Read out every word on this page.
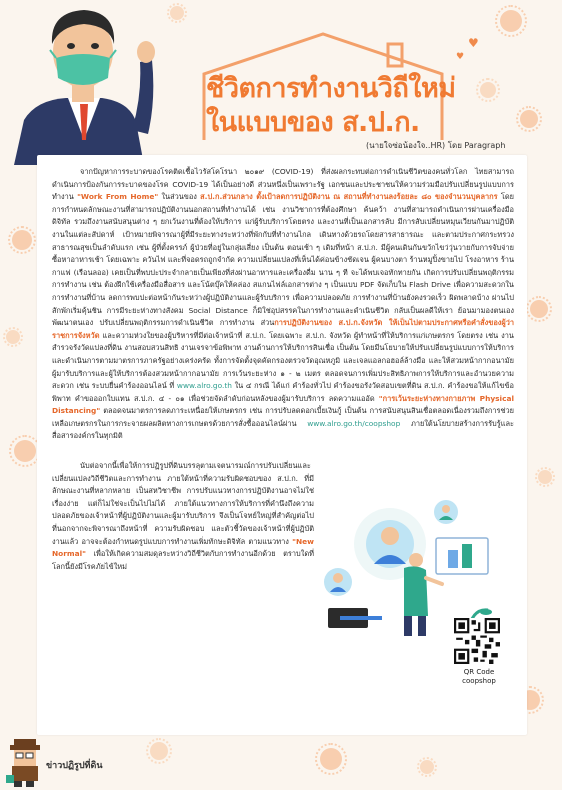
♥
♥
ชีวิตการทำงานวิถีใหม่
ในแบบของ ส.ป.ก.
(นายใจซ่อน้องใจ..HR) โดย Paragraph

จากปัญหาการระบาดของโรคติดเชื้อไวรัสโคโรนา ๒๐๑๙ (COVID-19) ที่ส่งผลกระทบต่อการดำเนินชีวิตของคนทั่วโลก ไทยสามารถดำเนินการป้องกันการระบาดของโรค COVID-19 ได้เป็นอย่างดี ส่วนหนึ่งเป็นเพราะรัฐ เอกชนและประชาชนให้ความร่วมมือปรับเปลี่ยนรูปแบบการทำงาน "Work From Home" ในส่วนของ ส.ป.ก.ส่วนกลาง ตั้งเป้าลดการปฏิบัติงาน ณ สถานที่ทำงานลงร้อยละ ๘๐ ของจำนวนบุคลากร โดยการกำหนดลักษณะงานที่สามารถปฏิบัติงานนอกสถานที่ทำงานได้ เช่น งานวิชาการที่ต้องศึกษา ค้นคว้า งานที่สามารถดำเนินการผ่านเครื่องมือดิจิทัล รวมถึงงานสนับสนุนต่าง ๆ ยกเว้นงานที่ต้องให้บริการ แก่ผู้รับบริการโดยตรง และงานที่เป็นเอกสารลับ มีการสับเปลี่ยนหมุนเวียนกันมาปฏิบัติงานในแต่ละสัปดาห์ เป้าหมายพิจารณาผู้ที่มีระยะทางระหว่างที่พักกับที่ทำงานไกล เดินทางด้วยรถโดยสารสาธารณะ และตามประกาศกระทรวงสาธารณสุขเป็นลำดับแรก เช่น ผู้ที่ตั้งครรภ์ ผู้ป่วยที่อยู่ในกลุ่มเสี่ยง เป็นต้น ตอนเช้า ๆ เดิมที่หน้า ส.ป.ก. มีผู้คนเดินกันขวักไขว่วุ่นวายกับการจับจ่ายซื้อหาอาหารเช้า โดยเฉพาะ ควันไฟ และที่จอดรถถูกจำกัด ความเปลี่ยนแปลงที่เห็นได้ค่อนข้างชัดเจน ผู้คนบางตา ร้านหมูปิ้งขายไป โรงอาหาร ร้านกาแฟ (เรือนลออ) เคยเป็นที่พบปะประจำกลายเป็นเพียงที่ส่งผ่านอาหารและเครื่องดื่ม นาน ๆ ที จะได้พบเจอทักทายกัน เกิดการปรับเปลี่ยนพฤติกรรมการทำงาน เช่น ต้องฝึกใช้เครื่องมือสื่อสาร และโน้ตบุ๊คให้คล่อง สแกนไฟล์เอกสารต่าง ๆ เป็นแบบ PDF จัดเก็บใน Flash Drive เพื่อความสะดวกในการทำงานที่บ้าน ลดการพบปะต่อหน้ากันระหว่างผู้ปฏิบัติงานและผู้รับบริการ เพื่อความปลอดภัย การทำงานที่บ้านยังคงรวดเร็ว ผิดพลาดบ้าง ผ่านไปสักพักเริ่มคุ้นชิน การมีระยะห่างทางสังคม Social Distance ก็มิใช่อุปสรรคในการทำงานและดำเนินชีวิต กลับเป็นผลดีให้เรา ย้อนมามองตนเอง พัฒนาตนเอง ปรับเปลี่ยนพฤติกรรมการดำเนินชีวิต การทำงาน ส่วนการปฏิบัติงานของ ส.ป.ก.จังหวัด ให้เป็นไปตามประกาศหรือคำสั่งของผู้ว่าราชการจังหวัด และความห่วงใยของผู้บริหารที่มีต่อเจ้าหน้าที่ ส.ป.ก. โดยเฉพาะ ส.ป.ก. จังหวัด ผู้ทำหน้าที่ให้บริการแก่เกษตรกร โดยตรง เช่น งานสำรวจรังวัดแปลงที่ดิน งานสอบสวนสิทธิ งานเจรจาข้อพิพาท งานด้านการให้บริการสินเชื่อ เป็นต้น โดยมีนโยบายให้ปรับเปลี่ยนรูปแบบการให้บริการ และดำเนินการตามมาตรการภาครัฐอย่างเคร่งครัด ทั้งการจัดตั้งจุดคัดกรองตรวจวัดอุณหภูมิ และเจลแอลกอฮอล์ล้างมือ และให้สวมหน้ากากอนามัย ผู้มารับบริการและผู้ให้บริการต้องสวมหน้ากากอนามัย การเว้นระยะห่าง ๑ - ๒ เมตร ตลอดจนการเพิ่มประสิทธิภาพการให้บริการและอำนวยความสะดวก เช่น ระบบยื่นคำร้องออนไลน์ ที่ www.alro.go.th ใน ๔ กรณี ได้แก่ คำร้องทั่วไป คำร้องขอรังวัดสอบเขตที่ดิน ส.ป.ก. คำร้องขอให้แก้ไขข้อพิพาท คำขอออกใบแทน ส.ป.ก. ๔ - ๐๑ เพื่อช่วยจัดลำดับก่อนหลังของผู้มารับบริการ ลดความแออัด "การเว้นระยะห่างทางกายภาพ Physical Distancing" ตลอดจนมาตรการลดภาระเหนื่อยให้เกษตรกร เช่น การปรับลดดอกเบี้ยเงินกู้ เป็นต้น การสนับสนุนสินเชื่อตลอดเนื่องรวมถึงการช่วยเหลือเกษตรกรในการกระจายผลผลิตทางการเกษตรด้วยการสั่งซื้อออนไลน์ผ่าน www.alro.go.th/coopshop ภายใต้นโยบายสร้างการรับรู้และสื่อสารองค์กรในทุกมิติ

นับต่อจากนี้เพื่อให้การปฏิรูปที่ดินบรรลุตามเจตนารมณ์การปรับเปลี่ยนและเปลี่ยนแปลงวิถีชีวิตและการทำงาน ภายใต้หน้าที่ความรับผิดชอบของ ส.ป.ก. ที่มีลักษณะงานที่หลากหลาย เป็นสหวิชาชีพ การปรับแนวทางการปฏิบัติงานอาจไม่ใช่เรื่องง่าย แต่ก็ไม่ใช่จะเป็นไปไม่ได้ ภายใต้แนวทางการให้บริการที่คำนึงถึงความปลอดภัยของเจ้าหน้าที่ผู้ปฏิบัติงานและผู้มารับบริการ จึงเป็นโจทย์ใหญ่ที่สำคัญต่อไป ที่นอกจากจะพิจารณาถึงหน้าที่ ความรับผิดชอบ และตัวชี้วัดของเจ้าหน้าที่ผู้ปฏิบัติงานแล้ว อาจจะต้องกำหนดรูปแบบการทำงานเพิ่มทักษะดิจิทัล ตามแนวทาง "New Normal" เพื่อให้เกิดความสมดุลระหว่างวิถีชีวิตกับการทำงานอีกด้วย ตราบใดที่โลกนี้ยังมีโรคภัยไข้ใหม่

QR Code
coopshop
ข่าวปฏิรูปที่ดิน
